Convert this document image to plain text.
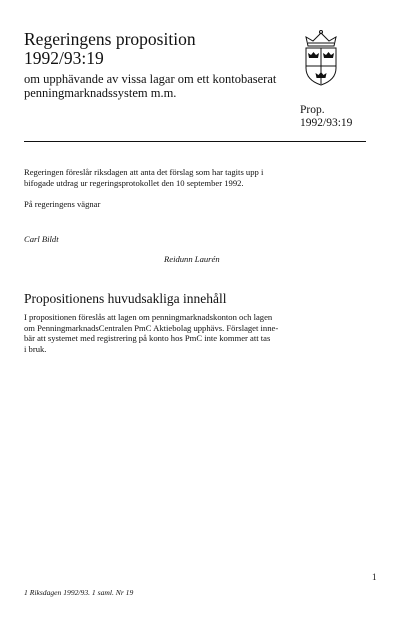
Regeringens proposition
1992/93:19
om upphävande av vissa lagar om ett kontobaserat
penningmarknadssystem m.m.
Prop.
1992/93:19
Regeringen föreslår riksdagen att anta det förslag som har tagits upp i
bifogade utdrag ur regeringsprotokollet den 10 september 1992.
På regeringens vägnar
Carl Bildt
Reidunn Laurén
Propositionens huvudsakliga innehåll
I propositionen föreslås att lagen om penningmarknadskonton och lagen
om PenningmarknadsCentralen PmC Aktiebolag upphävs. Förslaget inne-
bär att systemet med registrering på konto hos PmC inte kommer att tas
i bruk.
1
1 Riksdagen 1992/93. 1 saml. Nr 19
